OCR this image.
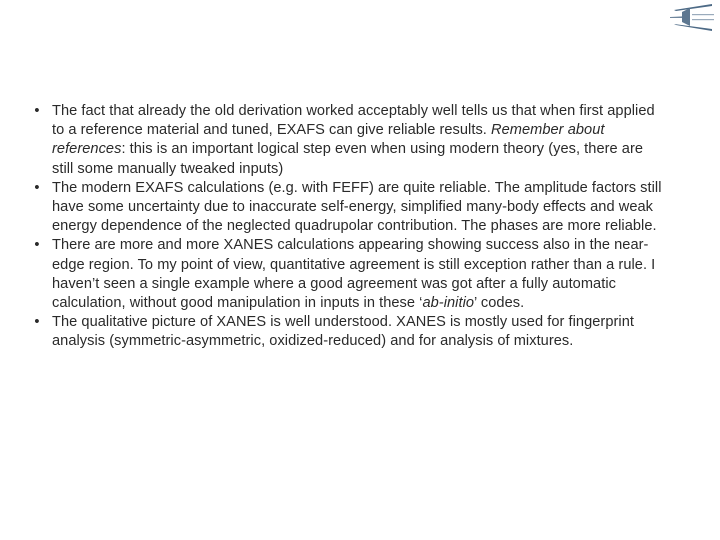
• The fact that already the old derivation worked acceptably well tells us that when first applied to a reference material and tuned, EXAFS can give reliable results. Remember about references: this is an important logical step even when using modern theory (yes, there are still some manually tweaked inputs)
• The modern EXAFS calculations (e.g. with FEFF) are quite reliable. The amplitude factors still have some uncertainty due to inaccurate self-energy, simplified many-body effects and weak energy dependence of the neglected quadrupolar contribution. The phases are more reliable.
• There are more and more XANES calculations appearing showing success also in the near-edge region. To my point of view, quantitative agreement is still exception rather than a rule. I haven’t seen a single example where a good agreement was got after a fully automatic calculation, without good manipulation in inputs in these ‘ab-initio’ codes.
• The qualitative picture of XANES is well understood. XANES is mostly used for fingerprint analysis (symmetric-asymmetric, oxidized-reduced) and for analysis of mixtures.
